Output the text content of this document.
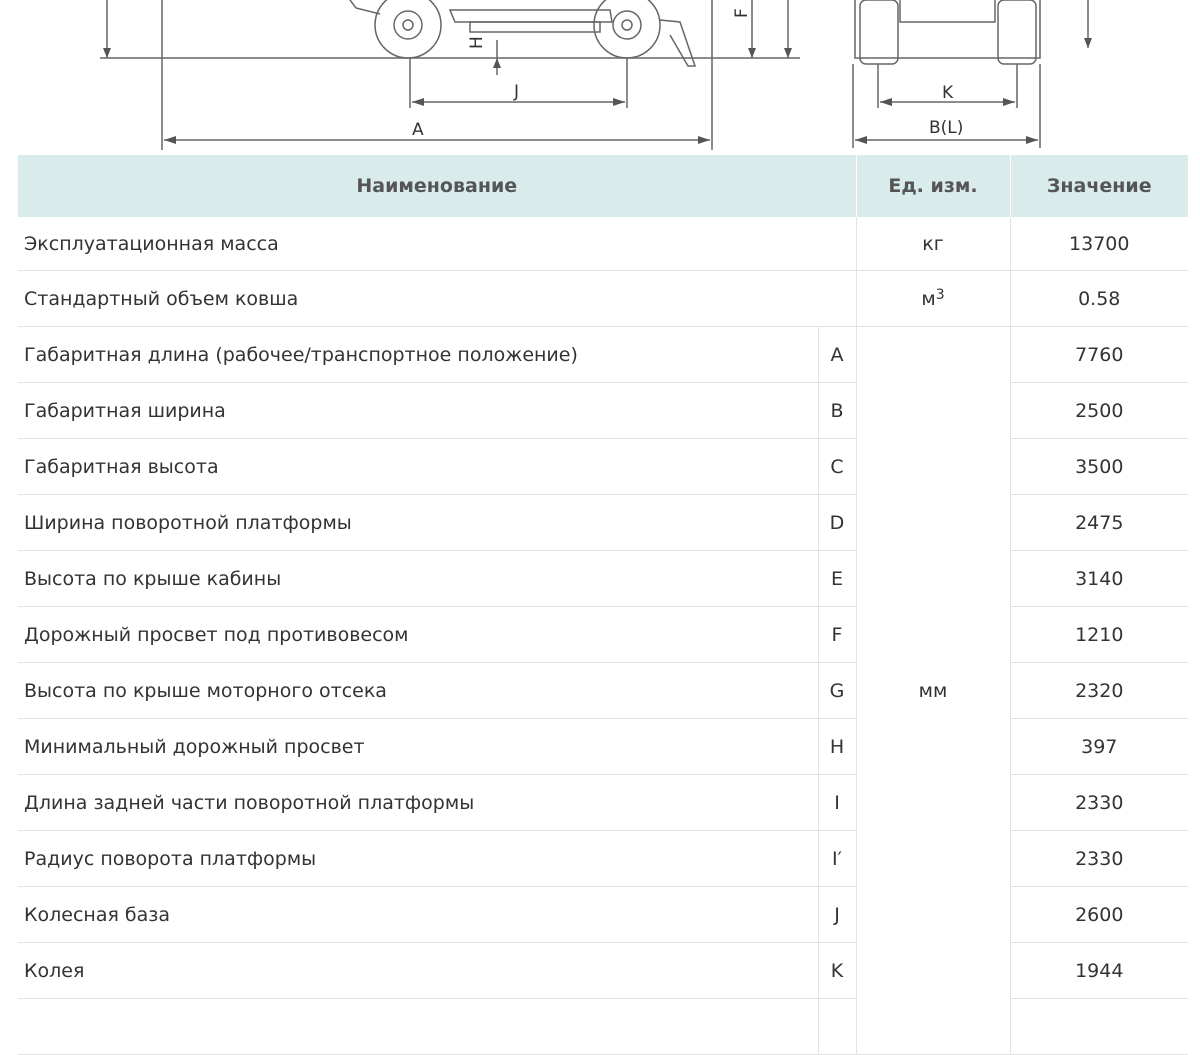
A
J
H
F
K
B(L)
Наименование		Ед. изм.	Значение
Эксплуатационная масса		кг	13700
Стандартный объем ковша		$м^3$	0.58
Габаритная длина (рабочее/транспортное положение)	A	мм	7760
Габаритная ширина	B		2500
Габаритная высота	C		3500
Ширина поворотной платформы	D		2475
Высота по крыше кабины	E		3140
Дорожный просвет под противовесом	F		1210
Высота по крыше моторного отсека	G		2320
Минимальный дорожный просвет	H		397
Длина задней части поворотной платформы	I		2330
Радиус поворота платформы	I′		2330
Колесная база	J		2600
Колея	K		1944
